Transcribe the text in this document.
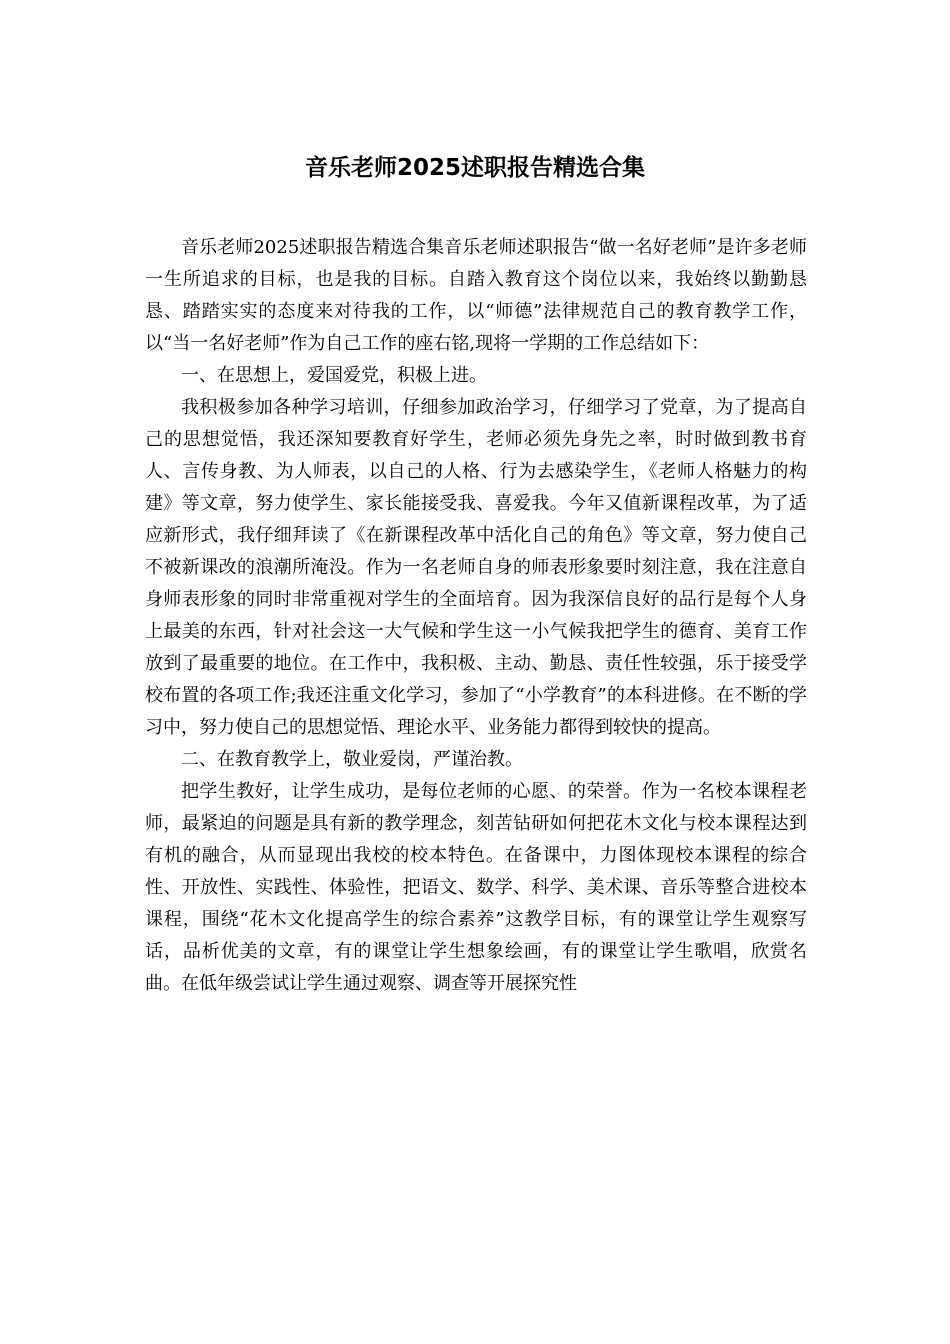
音乐老师2025述职报告精选合集

音乐老师2025述职报告精选合集音乐老师述职报告“做一名好老师”是许多老师一生所追求的目标，也是我的目标。自踏入教育这个岗位以来，我始终以勤勤恳恳、踏踏实实的态度来对待我的工作，以“师德”法律规范自己的教育教学工作，以“当一名好老师”作为自己工作的座右铭,现将一学期的工作总结如下：

一、在思想上，爱国爱党，积极上进。

我积极参加各种学习培训，仔细参加政治学习，仔细学习了党章，为了提高自己的思想觉悟，我还深知要教育好学生，老师必须先身先之率，时时做到教书育人、言传身教、为人师表，以自己的人格、行为去感染学生，《老师人格魅力的构建》等文章，努力使学生、家长能接受我、喜爱我。今年又值新课程改革，为了适应新形式，我仔细拜读了《在新课程改革中活化自己的角色》等文章，努力使自己不被新课改的浪潮所淹没。作为一名老师自身的师表形象要时刻注意，我在注意自身师表形象的同时非常重视对学生的全面培育。因为我深信良好的品行是每个人身上最美的东西，针对社会这一大气候和学生这一小气候我把学生的德育、美育工作放到了最重要的地位。在工作中，我积极、主动、勤恳、责任性较强，乐于接受学校布置的各项工作;我还注重文化学习，参加了“小学教育”的本科进修。在不断的学习中，努力使自己的思想觉悟、理论水平、业务能力都得到较快的提高。

二、在教育教学上，敬业爱岗，严谨治教。

把学生教好，让学生成功，是每位老师的心愿、的荣誉。作为一名校本课程老师，最紧迫的问题是具有新的教学理念，刻苦钻研如何把花木文化与校本课程达到有机的融合，从而显现出我校的校本特色。在备课中，力图体现校本课程的综合性、开放性、实践性、体验性，把语文、数学、科学、美术课、音乐等整合进校本课程，围绕“花木文化提高学生的综合素养”这教学目标，有的课堂让学生观察写话，品析优美的文章，有的课堂让学生想象绘画，有的课堂让学生歌唱，欣赏名曲。在低年级尝试让学生通过观察、调查等开展探究性
